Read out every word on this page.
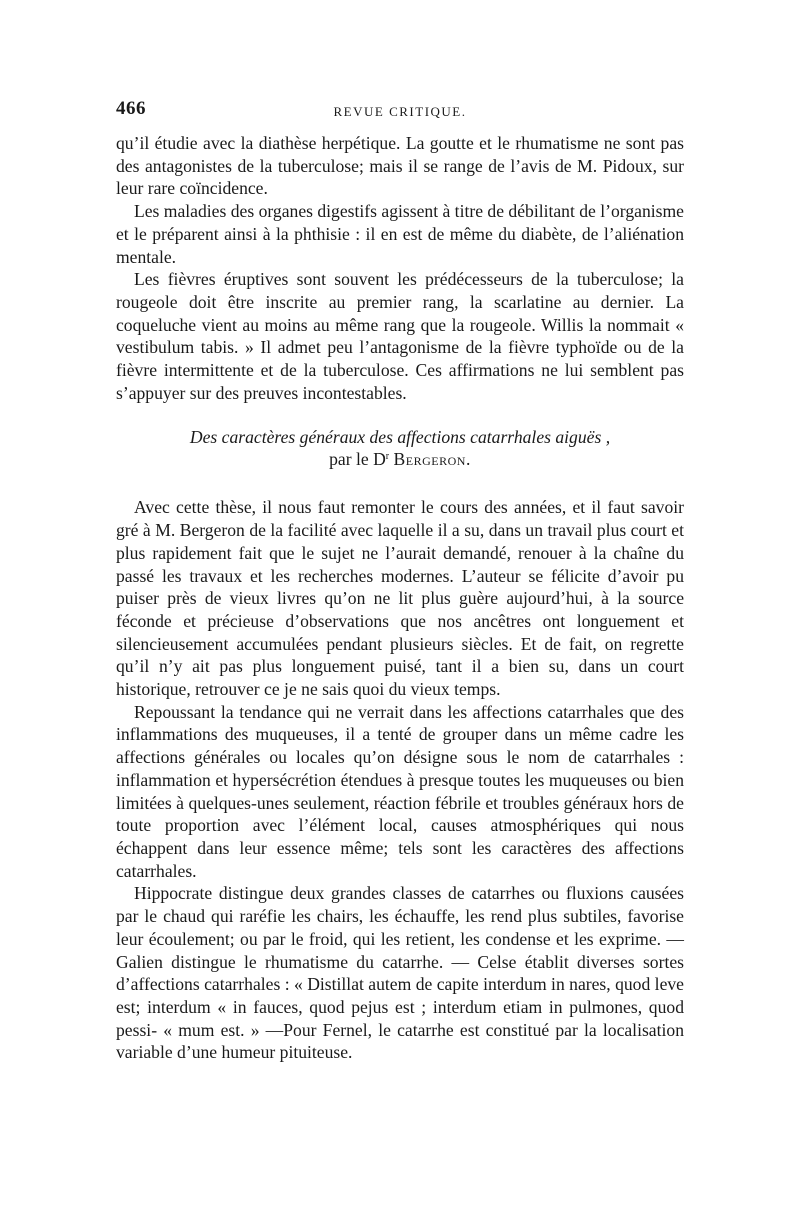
466	REVUE CRITIQUE.

qu’il étudie avec la diathèse herpétique. La goutte et le rhumatisme ne sont pas des antagonistes de la tuberculose; mais il se range de l’avis de M. Pidoux, sur leur rare coïncidence.

Les maladies des organes digestifs agissent à titre de débilitant de l’organisme et le préparent ainsi à la phthisie : il en est de même du diabète, de l’aliénation mentale.

Les fièvres éruptives sont souvent les prédécesseurs de la tuberculose; la rougeole doit être inscrite au premier rang, la scarlatine au dernier. La coqueluche vient au moins au même rang que la rougeole. Willis la nommait « vestibulum tabis. » Il admet peu l’antagonisme de la fièvre typhoïde ou de la fièvre intermittente et de la tuberculose. Ces affirmations ne lui semblent pas s’appuyer sur des preuves incontestables.

Des caractères généraux des affections catarrhales aiguës ,
par le $D^r$ Bergeron.

Avec cette thèse, il nous faut remonter le cours des années, et il faut savoir gré à M. Bergeron de la facilité avec laquelle il a su, dans un travail plus court et plus rapidement fait que le sujet ne l’aurait demandé, renouer à la chaîne du passé les travaux et les recherches modernes. L’auteur se félicite d’avoir pu puiser près de vieux livres qu’on ne lit plus guère aujourd’hui, à la source féconde et précieuse d’observations que nos ancêtres ont longuement et silencieusement accumulées pendant plusieurs siècles. Et de fait, on regrette qu’il n’y ait pas plus longuement puisé, tant il a bien su, dans un court historique, retrouver ce je ne sais quoi du vieux temps.

Repoussant la tendance qui ne verrait dans les affections catarrhales que des inflammations des muqueuses, il a tenté de grouper dans un même cadre les affections générales ou locales qu’on désigne sous le nom de catarrhales : inflammation et hypersécrétion étendues à presque toutes les muqueuses ou bien limitées à quelques-unes seulement, réaction fébrile et troubles généraux hors de toute proportion avec l’élément local, causes atmosphériques qui nous échappent dans leur essence même; tels sont les caractères des affections catarrhales.

Hippocrate distingue deux grandes classes de catarrhes ou fluxions causées par le chaud qui raréfie les chairs, les échauffe, les rend plus subtiles, favorise leur écoulement; ou par le froid, qui les retient, les condense et les exprime. — Galien distingue le rhumatisme du catarrhe. — Celse établit diverses sortes d’affections catarrhales : « Distillat autem de capite interdum in nares, quod leve est; interdum « in fauces, quod pejus est ; interdum etiam in pulmones, quod pessi- « mum est. » —Pour Fernel, le catarrhe est constitué par la localisation variable d’une humeur pituiteuse.
